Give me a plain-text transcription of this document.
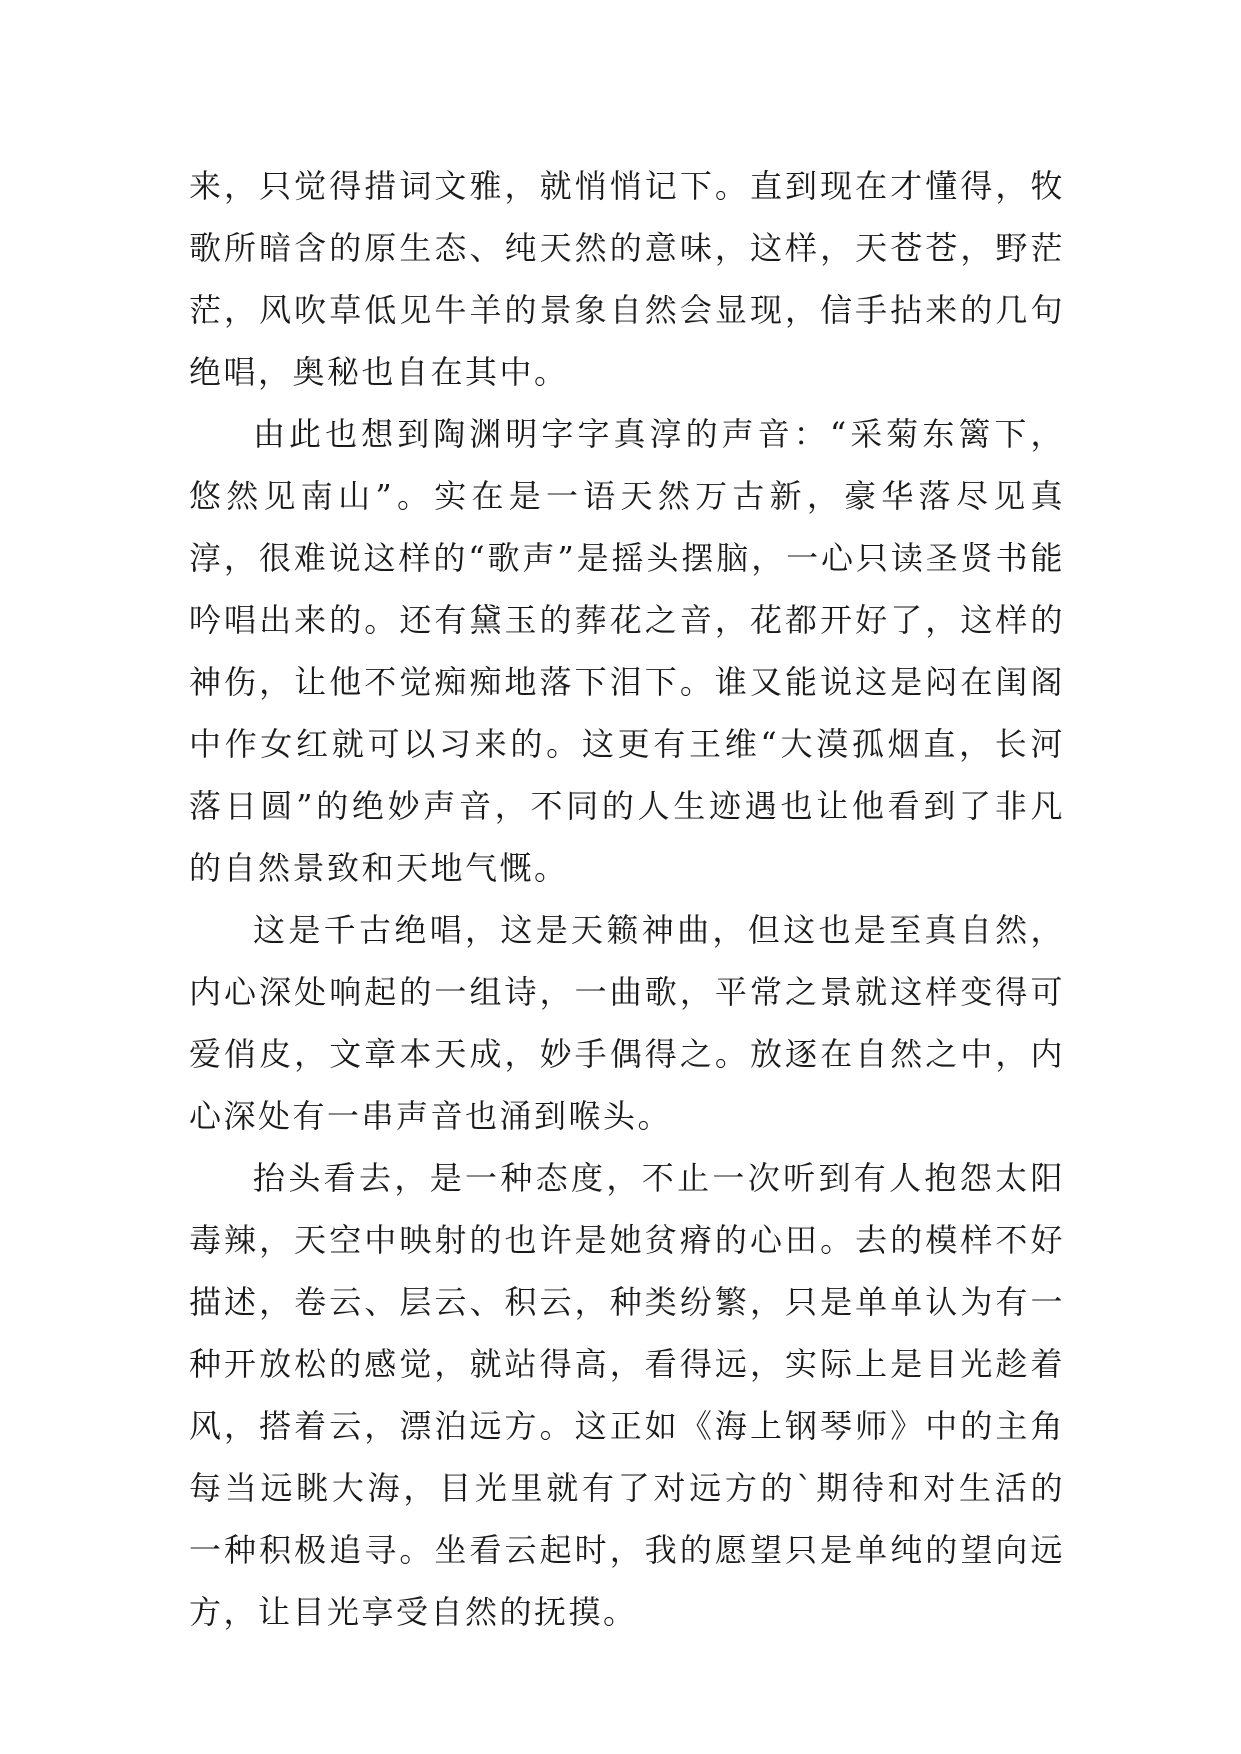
来，只觉得措词文雅，就悄悄记下。直到现在才懂得，牧歌所暗含的原生态、纯天然的意味，这样，天苍苍，野茫茫，风吹草低见牛羊的景象自然会显现，信手拈来的几句绝唱，奥秘也自在其中。

由此也想到陶渊明字字真淳的声音：“采菊东篱下，悠然见南山”。实在是一语天然万古新，豪华落尽见真淳，很难说这样的“歌声”是摇头摆脑，一心只读圣贤书能吟唱出来的。还有黛玉的葬花之音，花都开好了，这样的神伤，让他不觉痴痴地落下泪下。谁又能说这是闷在闺阁中作女红就可以习来的。这更有王维“大漠孤烟直，长河落日圆”的绝妙声音，不同的人生迹遇也让他看到了非凡的自然景致和天地气慨。

这是千古绝唱，这是天籁神曲，但这也是至真自然，内心深处响起的一组诗，一曲歌，平常之景就这样变得可爱俏皮，文章本天成，妙手偶得之。放逐在自然之中，内心深处有一串声音也涌到喉头。

抬头看去，是一种态度，不止一次听到有人抱怨太阳毒辣，天空中映射的也许是她贫瘠的心田。去的模样不好描述，卷云、层云、积云，种类纷繁，只是单单认为有一种开放松的感觉，就站得高，看得远，实际上是目光趁着风，搭着云，漂泊远方。这正如《海上钢琴师》中的主角每当远眺大海，目光里就有了对远方的`期待和对生活的一种积极追寻。坐看云起时，我的愿望只是单纯的望向远方，让目光享受自然的抚摸。
